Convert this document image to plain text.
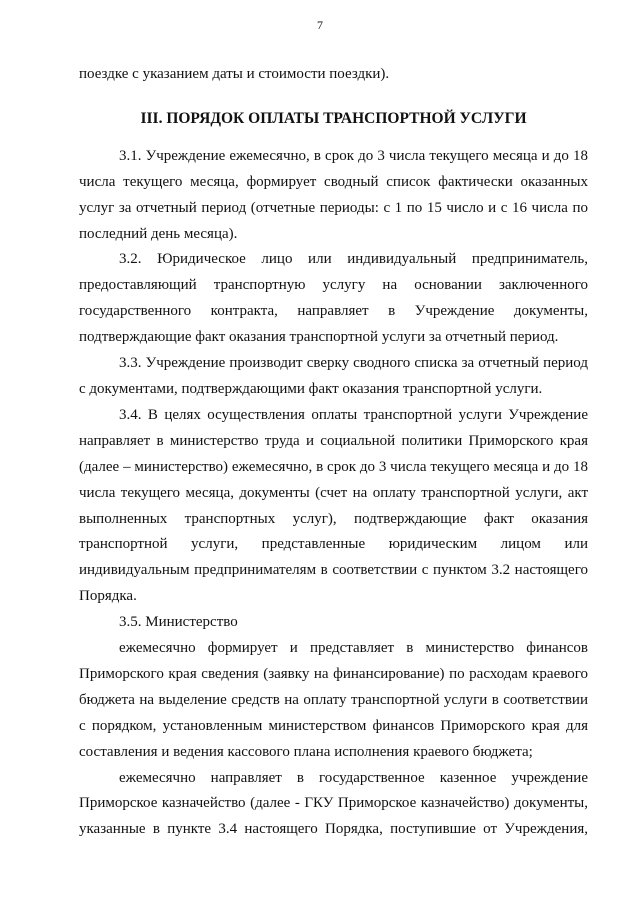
7

поездке с указанием даты и стоимости поездки).

III. ПОРЯДОК ОПЛАТЫ ТРАНСПОРТНОЙ УСЛУГИ

3.1. Учреждение ежемесячно, в срок до 3 числа текущего месяца и до 18 числа текущего месяца, формирует сводный список фактически оказанных услуг за отчетный период (отчетные периоды: с 1 по 15 число и с 16 числа по последний день месяца).

3.2. Юридическое лицо или индивидуальный предприниматель, предоставляющий транспортную услугу на основании заключенного государственного контракта, направляет в Учреждение документы, подтверждающие факт оказания транспортной услуги за отчетный период.

3.3. Учреждение производит сверку сводного списка за отчетный период с документами, подтверждающими факт оказания транспортной услуги.

3.4. В целях осуществления оплаты транспортной услуги Учреждение направляет в министерство труда и социальной политики Приморского края (далее – министерство) ежемесячно, в срок до 3 числа текущего месяца и до 18 числа текущего месяца, документы (счет на оплату транспортной услуги, акт выполненных транспортных услуг), подтверждающие факт оказания транспортной услуги, представленные юридическим лицом или индивидуальным предпринимателям в соответствии с пунктом 3.2 настоящего Порядка.

3.5. Министерство

ежемесячно формирует и представляет в министерство финансов Приморского края сведения (заявку на финансирование) по расходам краевого бюджета на выделение средств на оплату транспортной услуги в соответствии с порядком, установленным министерством финансов Приморского края для составления и ведения кассового плана исполнения краевого бюджета;

ежемесячно направляет в государственное казенное учреждение Приморское казначейство (далее - ГКУ Приморское казначейство) документы, указанные в пункте 3.4 настоящего Порядка, поступившие от Учреждения,
